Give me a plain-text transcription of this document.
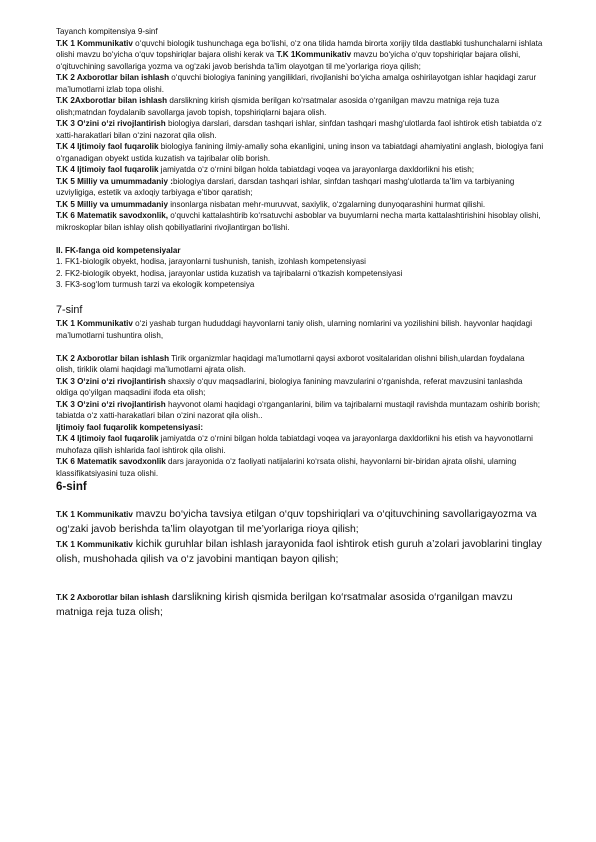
Tayanch kompitensiya 9-sinf

T.K 1 Kommunikativ o‘quvchi biologik tushunchaga ega bo‘lishi, o‘z ona tilida hamda birorta xorijiy tilda dastlabki tushunchalarni ishlata olishi mavzu bo‘yicha o‘quv topshiriqlar bajara olishi kerak va T.K 1Kommunikativ mavzu bo‘yicha o‘quv topshiriqlar bajara olishi, o‘qituvchining savollariga yozma va og‘zaki javob berishda ta’lim olayotgan til me’yorlariga rioya qilish;

T.K 2 Axborotlar bilan ishlash o‘quvchi biologiya fanining yangiliklari, rivojlanishi bo‘yicha amalga oshirilayotgan ishlar haqidagi zarur ma’lumotlarni izlab topa olishi.

T.K 2Axborotlar bilan ishlash darslikning kirish qismida berilgan ko‘rsatmalar asosida o‘rganilgan mavzu matniga reja tuza olish;matndan foydalanib savollarga javob topish, topshiriqlarni bajara olish.

T.K 3 O‘zini o‘zi rivojlantirish biologiya darslari, darsdan tashqari ishlar, sinfdan tashqari mashg‘ulotlarda faol ishtirok etish tabiatda o‘z xatti-harakatlari bilan o‘zini nazorat qila olish.

T.K 4 Ijtimoiy faol fuqarolik biologiya fanining ilmiy-amaliy soha ekanligini, uning inson va tabiatdagi ahamiyatini anglash, biologiya fani o‘rganadigan obyekt ustida kuzatish va tajribalar olib borish.

T.K 4 Ijtimoiy faol fuqarolik jamiyatda o‘z o‘rnini bilgan holda tabiatdagi voqea va jarayonlarga daxldorlikni his etish;

T.K 5 Milliy va umummadaniy :biologiya darslari, darsdan tashqari ishlar, sinfdan tashqari mashg‘ulotlarda ta’lim va tarbiyaning uzviyligiga, estetik va axloqiy tarbiyaga e’tibor qaratish;

T.K 5 Milliy va umummadaniy insonlarga nisbatan mehr-muruvvat, saxiylik, o‘zgalarning dunyoqarashini hurmat qilishi.

T.K 6 Matematik savodxonlik, o‘quvchi kattalashtirib ko‘rsatuvchi asboblar va buyumlarni necha marta kattalashtirishini hisoblay olishi, mikroskoplar bilan ishlay olish qobiliyatlarini rivojlantirgan bo‘lishi.

II. FK-fanga oid kompetensiyalar

1. FK1-biologik obyekt, hodisa, jarayonlarni tushunish, tanish, izohlash kompetensiyasi

2. FK2-biologik obyekt, hodisa, jarayonlar ustida kuzatish va tajribalarni o‘tkazish kompetensiyasi

3. FK3-sog‘lom turmush tarzi va ekologik kompetensiya

7-sinf

T.K 1 Kommunikativ o‘zi yashab turgan hududdagi hayvonlarni taniy olish, ularning nomlarini va yozilishini bilish. hayvonlar haqidagi ma’lumotlarni tushuntira olish,

T.K 2 Axborotlar bilan ishlash Tirik organizmlar haqidagi ma’lumotlarni qaysi axborot vositalaridan olishni bilish,ulardan foydalana olish, tiriklik olami haqidagi ma’lumotlarni ajrata olish.

T.K 3 O‘zini o‘zi rivojlantirish shaxsiy o‘quv maqsadlarini, biologiya fanining mavzularini o‘rganishda, referat mavzusini tanlashda oldiga qo‘yilgan maqsadini ifoda eta olish;

T.K 3 O‘zini o‘zi rivojlantirish hayvonot olami haqidagi o‘rganganlarini, bilim va tajribalarni mustaqil ravishda muntazam oshirib borish; tabiatda o‘z xatti-harakatlari bilan o‘zini nazorat qila olish..

Ijtimoiy faol fuqarolik kompetensiyasi:

T.K 4 Ijtimoiy faol fuqarolik jamiyatda o‘z o‘rnini bilgan holda tabiatdagi voqea va jarayonlarga daxldorlikni his etish va hayvonotlarni muhofaza qilish ishlarida faol ishtirok qila olishi.

T.K 6 Matematik savodxonlik dars jarayonida o‘z faoliyati natijalarini ko‘rsata olishi, hayvonlarni bir-biridan ajrata olishi, ularning klassifikatsiyasini tuza olishi.

6-sinf

T.K 1 Kommunikativ mavzu bo‘yicha tavsiya etilgan o‘quv topshiriqlari va o‘qituvchining savollarigayozma va og‘zaki javob berishda ta’lim olayotgan til me’yorlariga rioya qilish;

T.K 1 Kommunikativ kichik guruhlar bilan ishlash jarayonida faol ishtirok etish guruh a’zolari javoblarini tinglay olish, mushohada qilish va o‘z javobini mantiqan bayon qilish;

T.K 2 Axborotlar bilan ishlash darslikning kirish qismida berilgan ko‘rsatmalar asosida o‘rganilgan mavzu matniga reja tuza olish;
